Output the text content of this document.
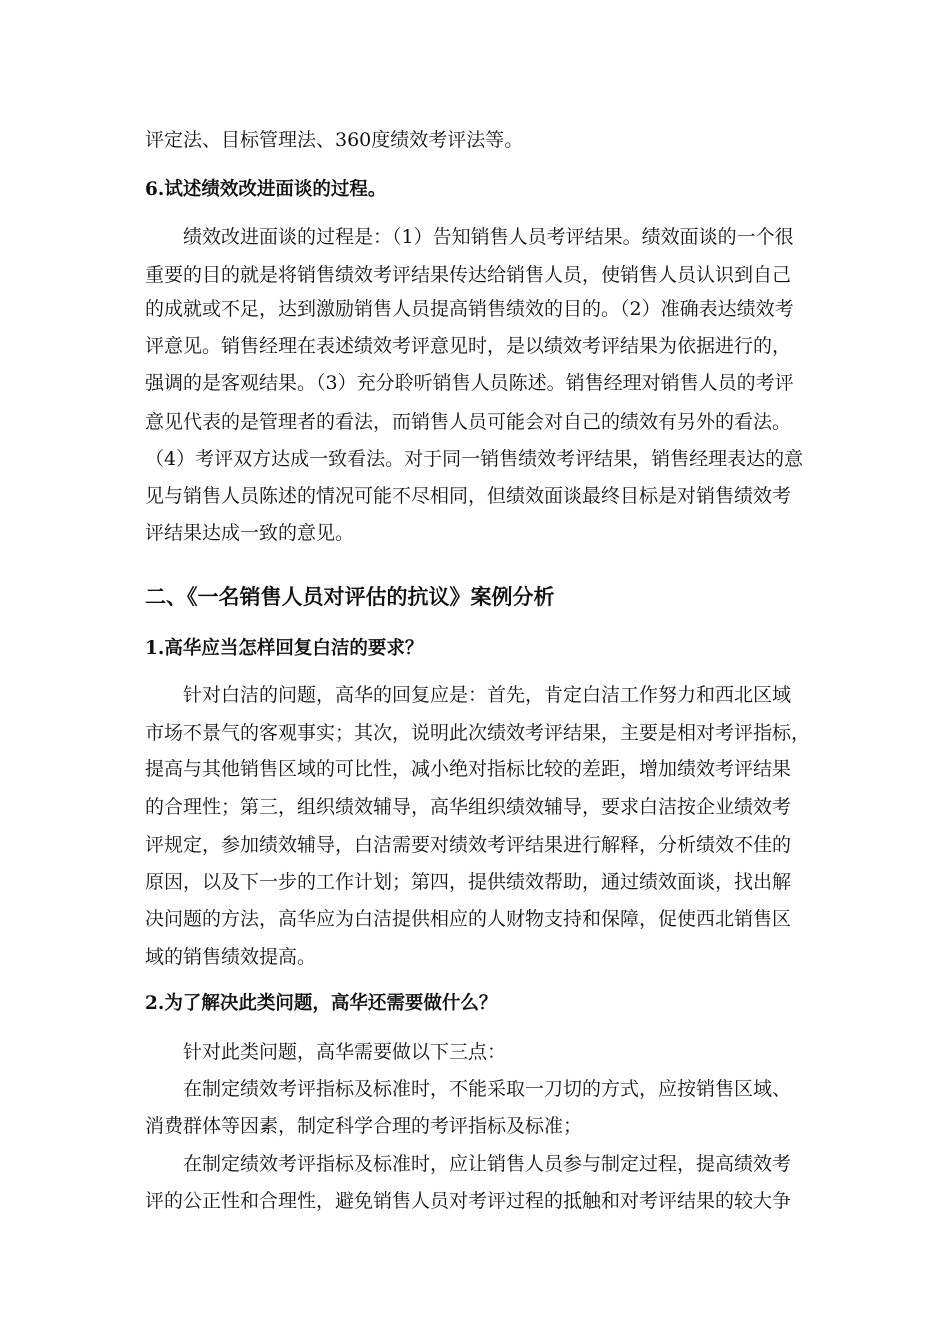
评定法、目标管理法、360度绩效考评法等。

6.试述绩效改进面谈的过程。

绩效改进面谈的过程是：（1）告知销售人员考评结果。绩效面谈的一个很

重要的目的就是将销售绩效考评结果传达给销售人员，使销售人员认识到自己

的成就或不足，达到激励销售人员提高销售绩效的目的。（2）准确表达绩效考

评意见。销售经理在表述绩效考评意见时，是以绩效考评结果为依据进行的，

强调的是客观结果。（3）充分聆听销售人员陈述。销售经理对销售人员的考评

意见代表的是管理者的看法，而销售人员可能会对自己的绩效有另外的看法。

（4）考评双方达成一致看法。对于同一销售绩效考评结果，销售经理表达的意

见与销售人员陈述的情况可能不尽相同，但绩效面谈最终目标是对销售绩效考

评结果达成一致的意见。

二、《一名销售人员对评估的抗议》案例分析

1.高华应当怎样回复白洁的要求？

针对白洁的问题，高华的回复应是：首先，肯定白洁工作努力和西北区域

市场不景气的客观事实；其次，说明此次绩效考评结果，主要是相对考评指标，

提高与其他销售区域的可比性，减小绝对指标比较的差距，增加绩效考评结果

的合理性；第三，组织绩效辅导，高华组织绩效辅导，要求白洁按企业绩效考

评规定，参加绩效辅导，白洁需要对绩效考评结果进行解释，分析绩效不佳的

原因，以及下一步的工作计划；第四，提供绩效帮助，通过绩效面谈，找出解

决问题的方法，高华应为白洁提供相应的人财物支持和保障，促使西北销售区

域的销售绩效提高。

2.为了解决此类问题，高华还需要做什么？

针对此类问题，高华需要做以下三点：

在制定绩效考评指标及标准时，不能采取一刀切的方式，应按销售区域、

消费群体等因素，制定科学合理的考评指标及标准；

在制定绩效考评指标及标准时，应让销售人员参与制定过程，提高绩效考

评的公正性和合理性，避免销售人员对考评过程的抵触和对考评结果的较大争
